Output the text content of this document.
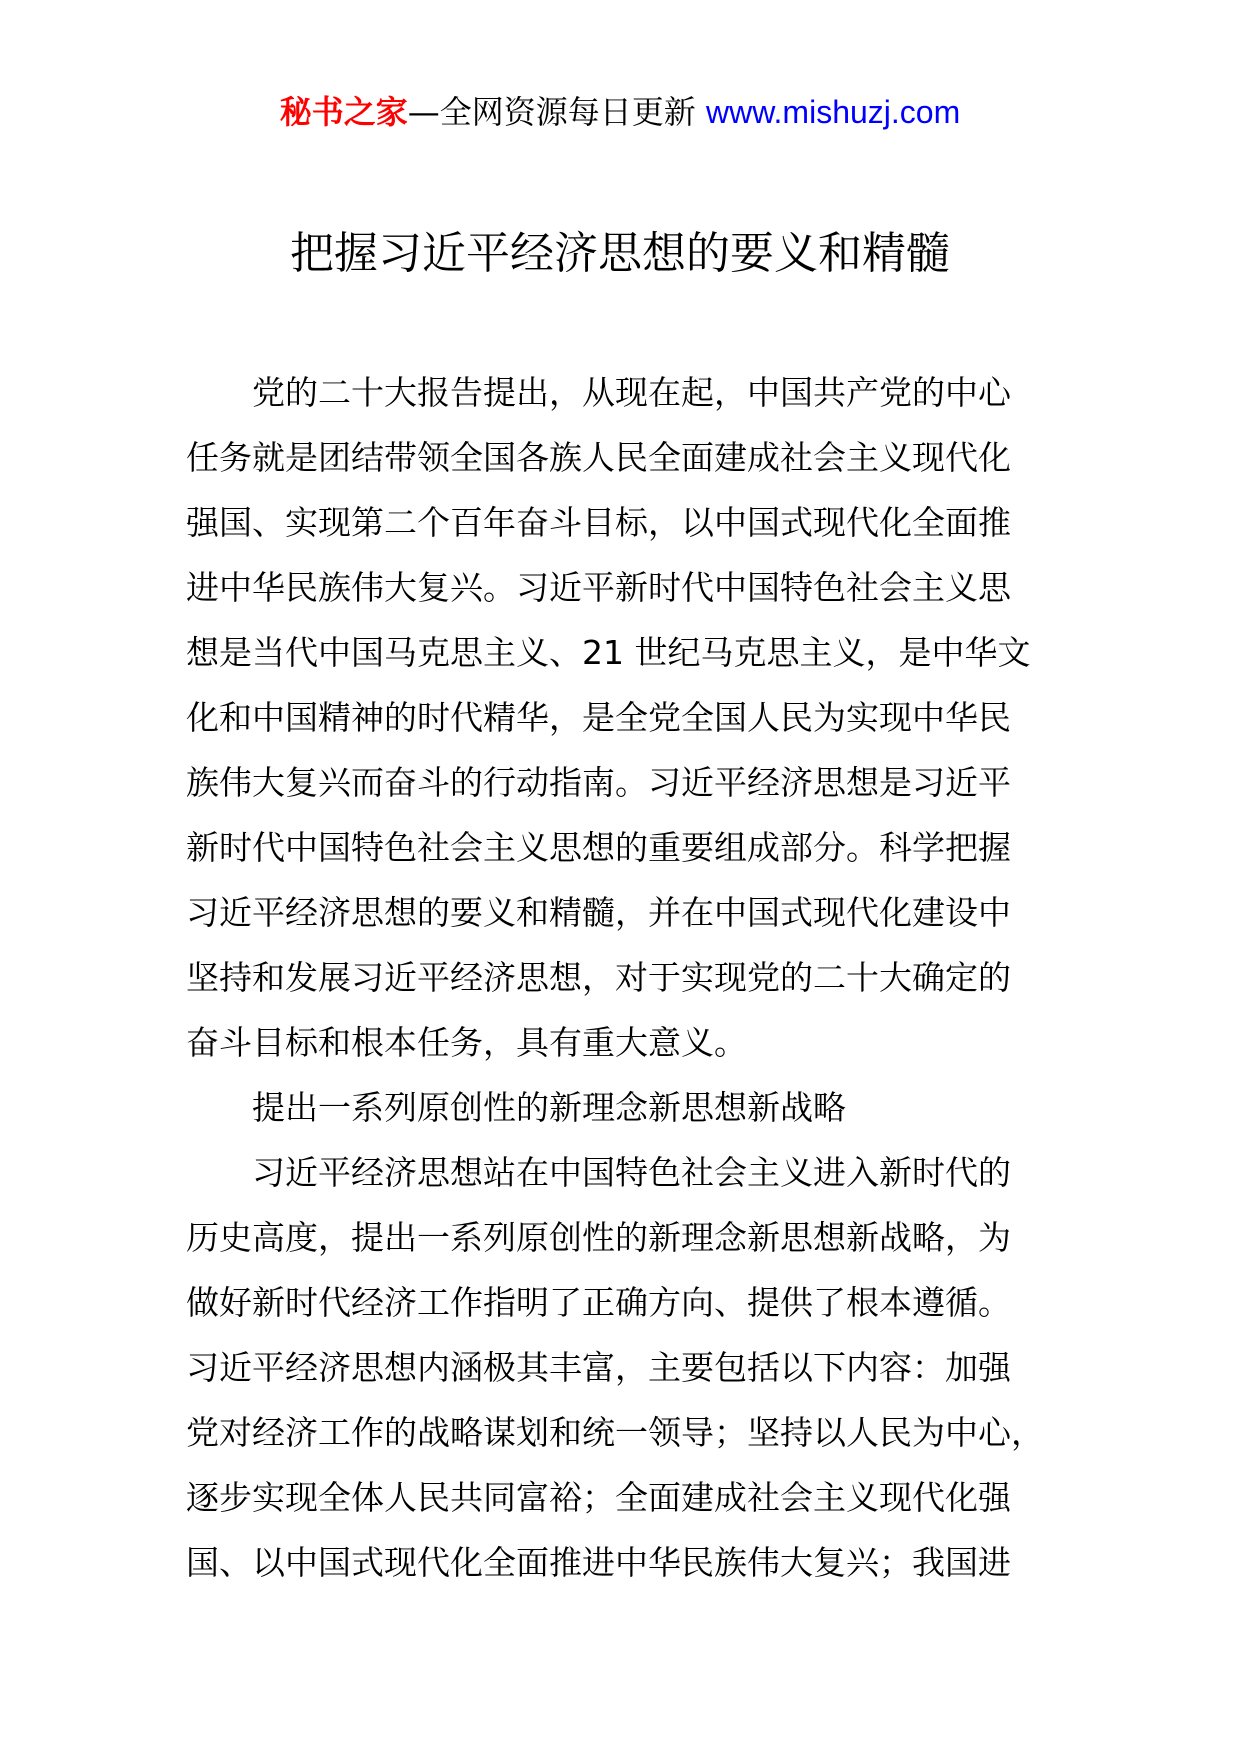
秘书之家—全网资源每日更新 www.mishuzj.com
把握习近平经济思想的要义和精髓
党的二十大报告提出，从现在起，中国共产党的中心
任务就是团结带领全国各族人民全面建成社会主义现代化
强国、实现第二个百年奋斗目标，以中国式现代化全面推
进中华民族伟大复兴。习近平新时代中国特色社会主义思
想是当代中国马克思主义、21 世纪马克思主义，是中华文
化和中国精神的时代精华，是全党全国人民为实现中华民
族伟大复兴而奋斗的行动指南。习近平经济思想是习近平
新时代中国特色社会主义思想的重要组成部分。科学把握
习近平经济思想的要义和精髓，并在中国式现代化建设中
坚持和发展习近平经济思想，对于实现党的二十大确定的
奋斗目标和根本任务，具有重大意义。
提出一系列原创性的新理念新思想新战略
习近平经济思想站在中国特色社会主义进入新时代的
历史高度，提出一系列原创性的新理念新思想新战略，为
做好新时代经济工作指明了正确方向、提供了根本遵循。
习近平经济思想内涵极其丰富，主要包括以下内容：加强
党对经济工作的战略谋划和统一领导；坚持以人民为中心，
逐步实现全体人民共同富裕；全面建成社会主义现代化强
国、以中国式现代化全面推进中华民族伟大复兴；我国进
